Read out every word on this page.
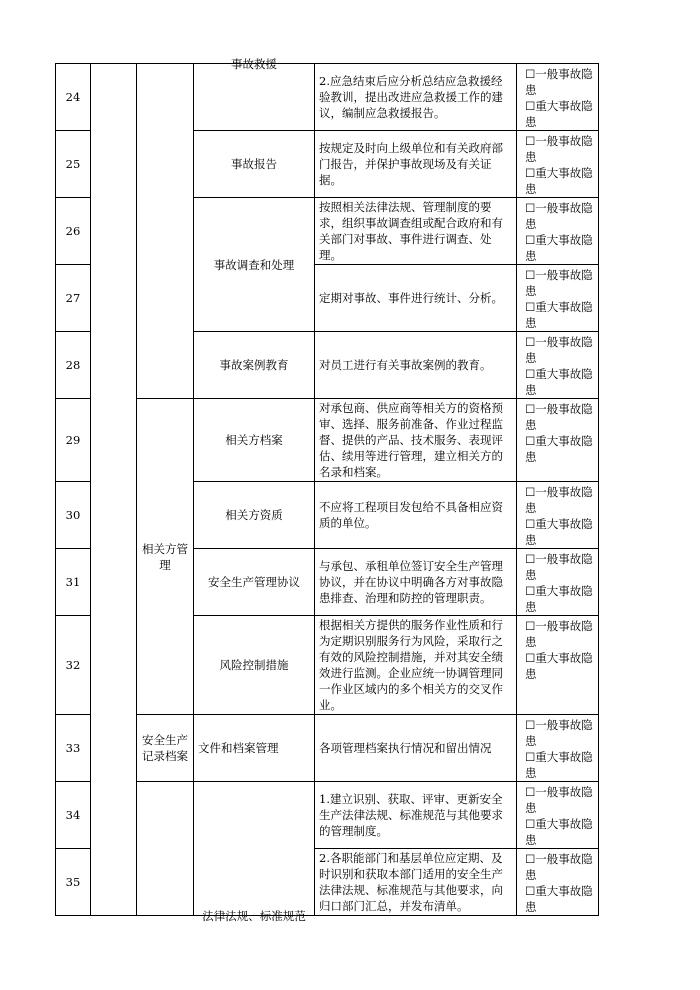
24			事故救援	2.应急结束后应分析总结应急救援经验教训，提出改进应急救援工作的建议，编制应急救援报告。	☐一般事故隐患
☐重大事故隐患

25			事故报告	按规定及时向上级单位和有关政府部门报告，并保护事故现场及有关证据。	☐一般事故隐患
☐重大事故隐患

26			事故调查和处理	按照相关法律法规、管理制度的要求，组织事故调查组或配合政府和有关部门对事故、事件进行调查、处理。	☐一般事故隐患
☐重大事故隐患

27				定期对事故、事件进行统计、分析。	☐一般事故隐患
☐重大事故隐患

28			事故案例教育	对员工进行有关事故案例的教育。	☐一般事故隐患
☐重大事故隐患

29		相关方管理	相关方档案	对承包商、供应商等相关方的资格预审、选择、服务前准备、作业过程监督、提供的产品、技术服务、表现评估、续用等进行管理，建立相关方的名录和档案。	☐一般事故隐患
☐重大事故隐患

30			相关方资质	不应将工程项目发包给不具备相应资质的单位。	☐一般事故隐患
☐重大事故隐患

31			安全生产管理协议	与承包、承租单位签订安全生产管理协议，并在协议中明确各方对事故隐患排查、治理和防控的管理职责。	☐一般事故隐患
☐重大事故隐患

32			风险控制措施	根据相关方提供的服务作业性质和行为定期识别服务行为风险，采取行之有效的风险控制措施，并对其安全绩效进行监测。企业应统一协调管理同一作业区域内的多个相关方的交叉作业。	☐一般事故隐患
☐重大事故隐患

33		安全生产记录档案	文件和档案管理	各项管理档案执行情况和留出情况	☐一般事故隐患
☐重大事故隐患

34			法律法规、标准规范	1.建立识别、获取、评审、更新安全生产法律法规、标准规范与其他要求的管理制度。	☐一般事故隐患
☐重大事故隐患

35				2.各职能部门和基层单位应定期、及时识别和获取本部门适用的安全生产法律法规、标准规范与其他要求，向归口部门汇总，并发布清单。	☐一般事故隐患
☐重大事故隐患
